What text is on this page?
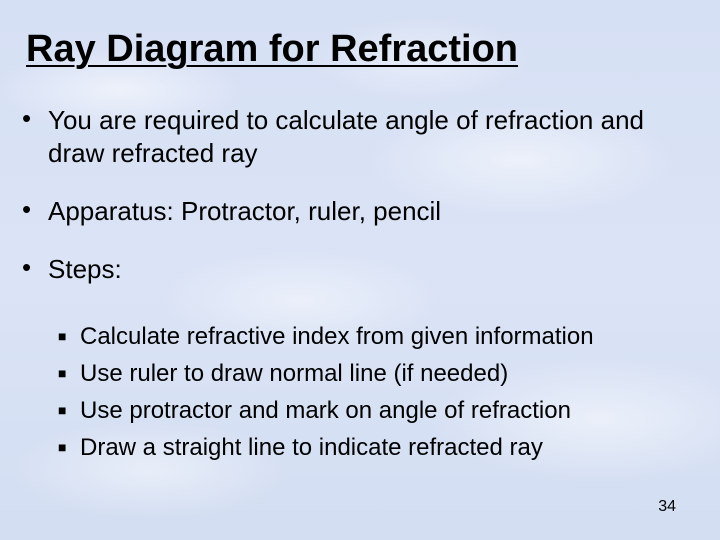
Ray Diagram for Refraction
• You are required to calculate angle of refraction and draw refracted ray
• Apparatus: Protractor, ruler, pencil
• Steps:
■ Calculate refractive index from given information
■ Use ruler to draw normal line (if needed)
■ Use protractor and mark on angle of refraction
■ Draw a straight line to indicate refracted ray
34
